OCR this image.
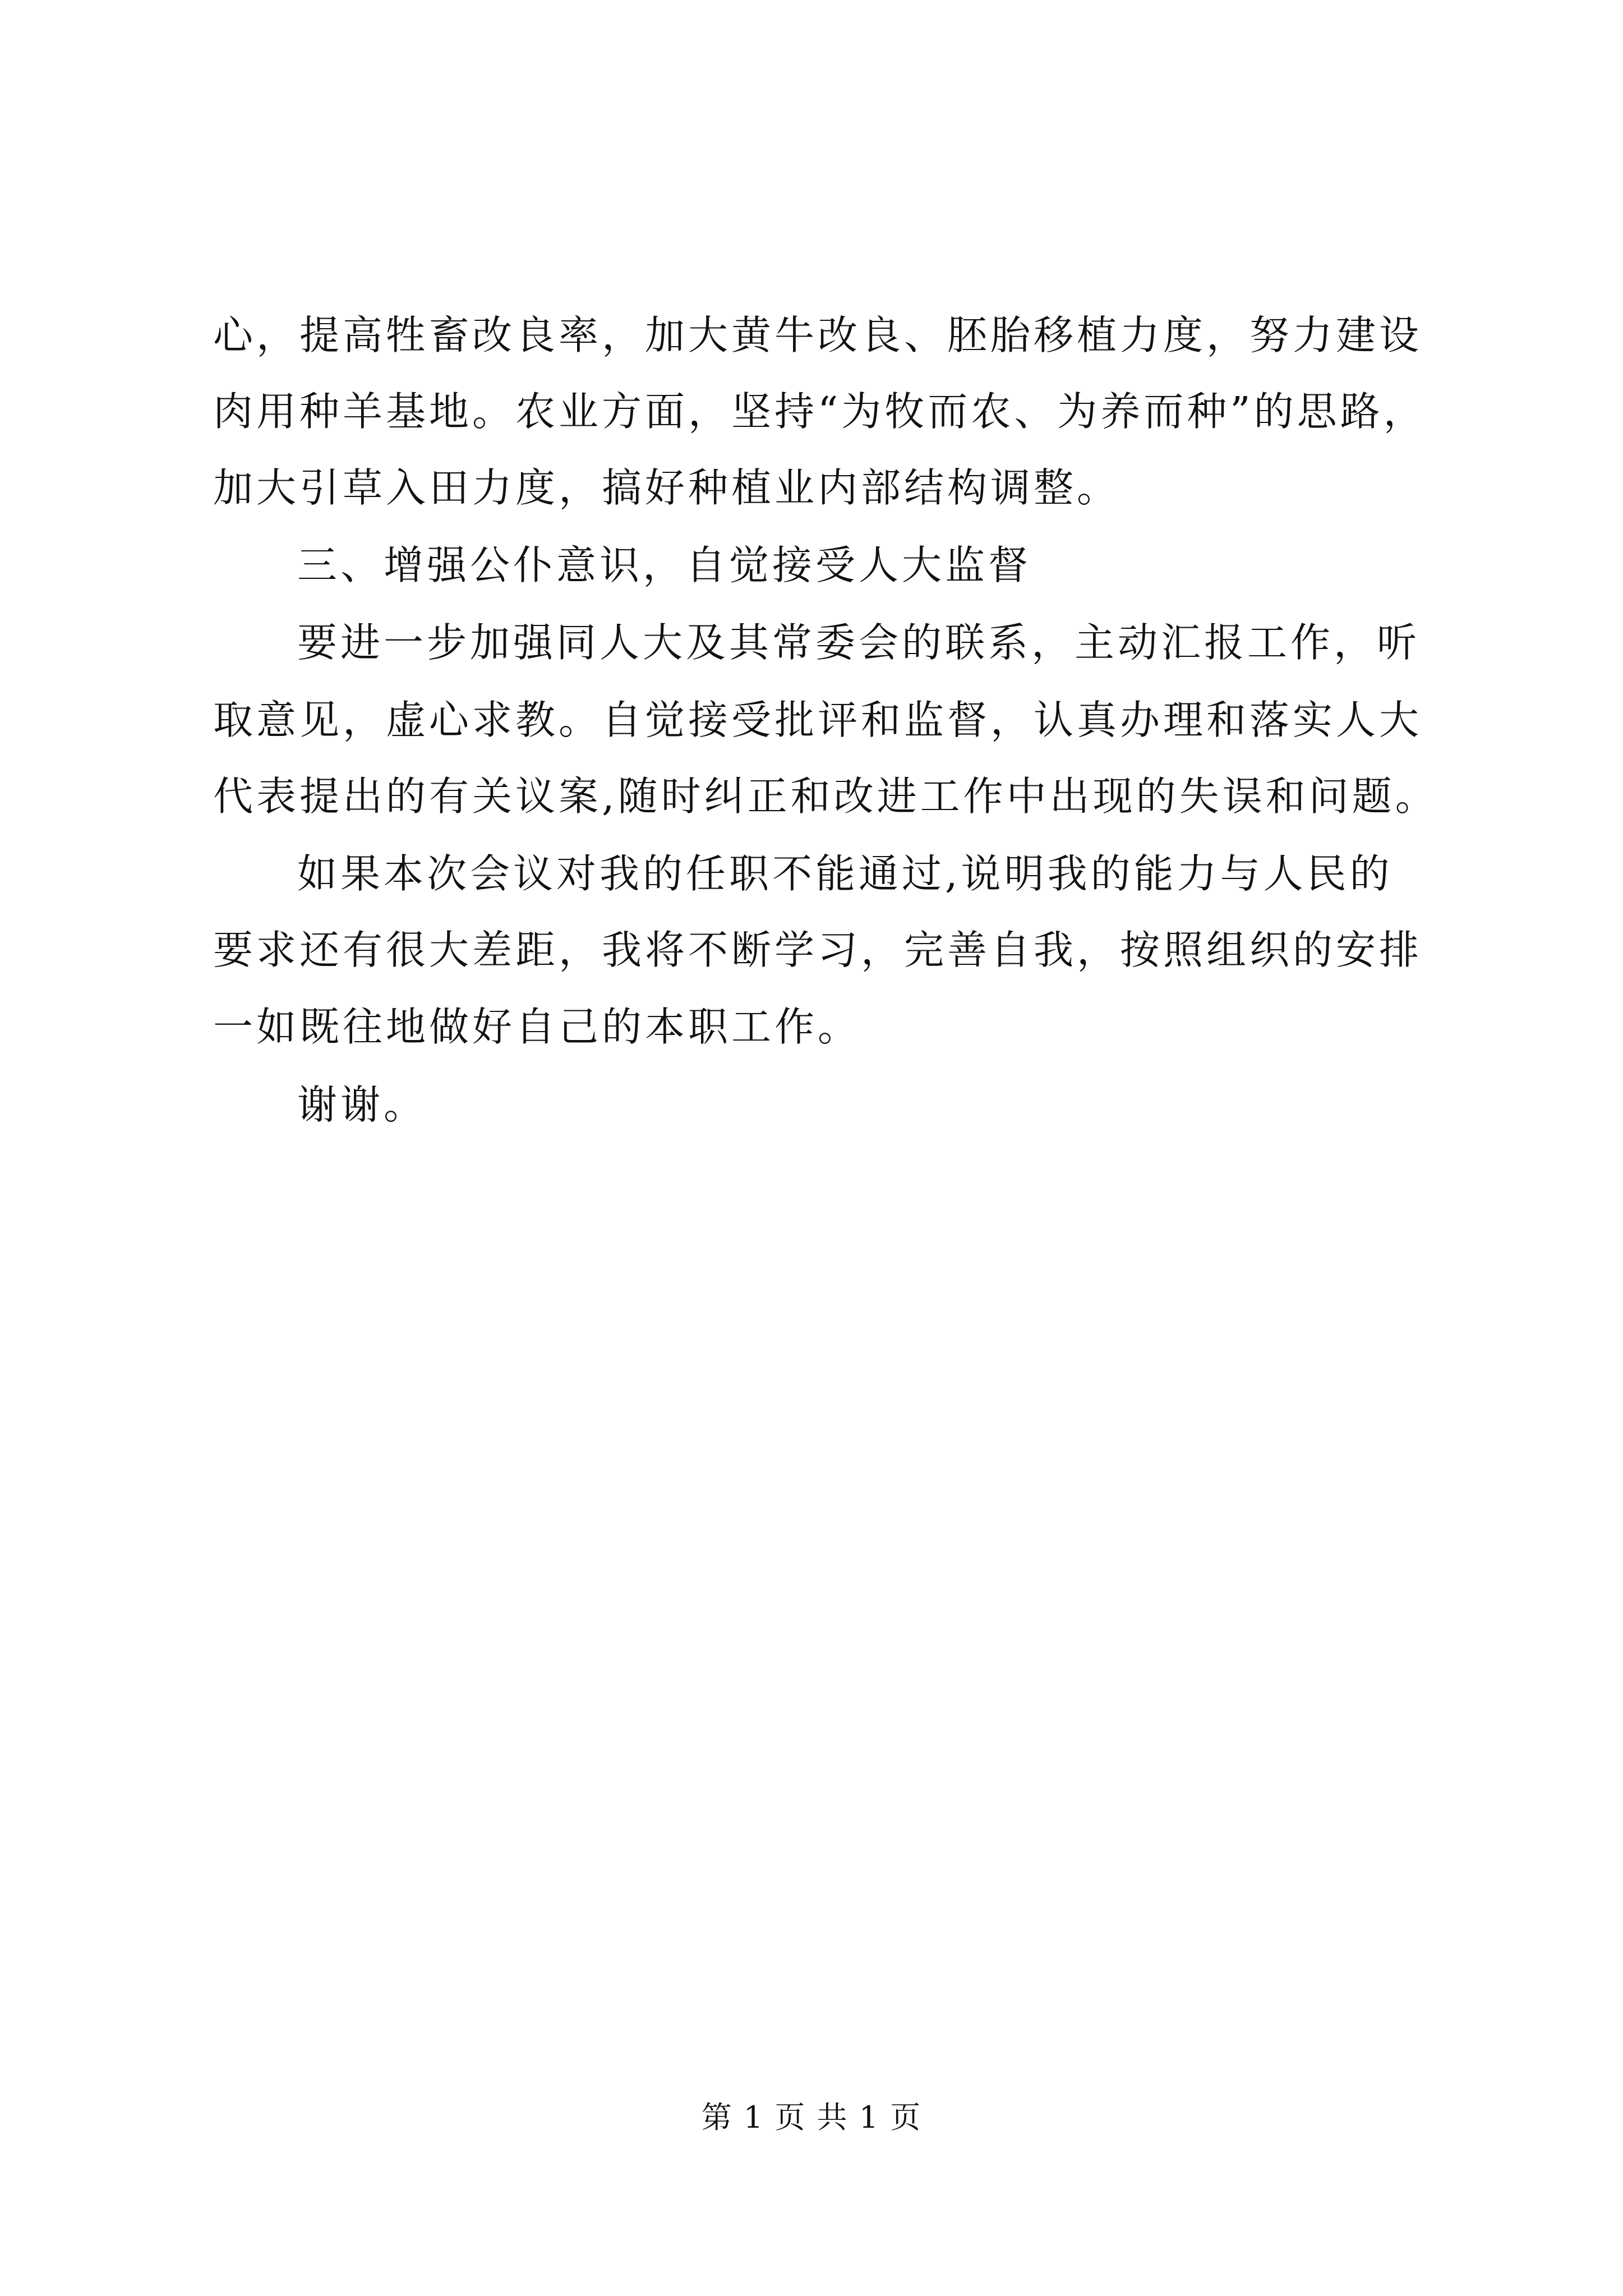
心，提高牲畜改良率，加大黄牛改良、胚胎移植力度，努力建设
肉用种羊基地。农业方面，坚持“为牧而农、为养而种”的思路，
加大引草入田力度，搞好种植业内部结构调整。
三、增强公仆意识，自觉接受人大监督
要进一步加强同人大及其常委会的联系，主动汇报工作，听
取意见，虚心求教。自觉接受批评和监督，认真办理和落实人大
代表提出的有关议案,随时纠正和改进工作中出现的失误和问题。
如果本次会议对我的任职不能通过,说明我的能力与人民的
要求还有很大差距，我将不断学习，完善自我，按照组织的安排
一如既往地做好自己的本职工作。
谢谢。
第 1 页 共 1 页
